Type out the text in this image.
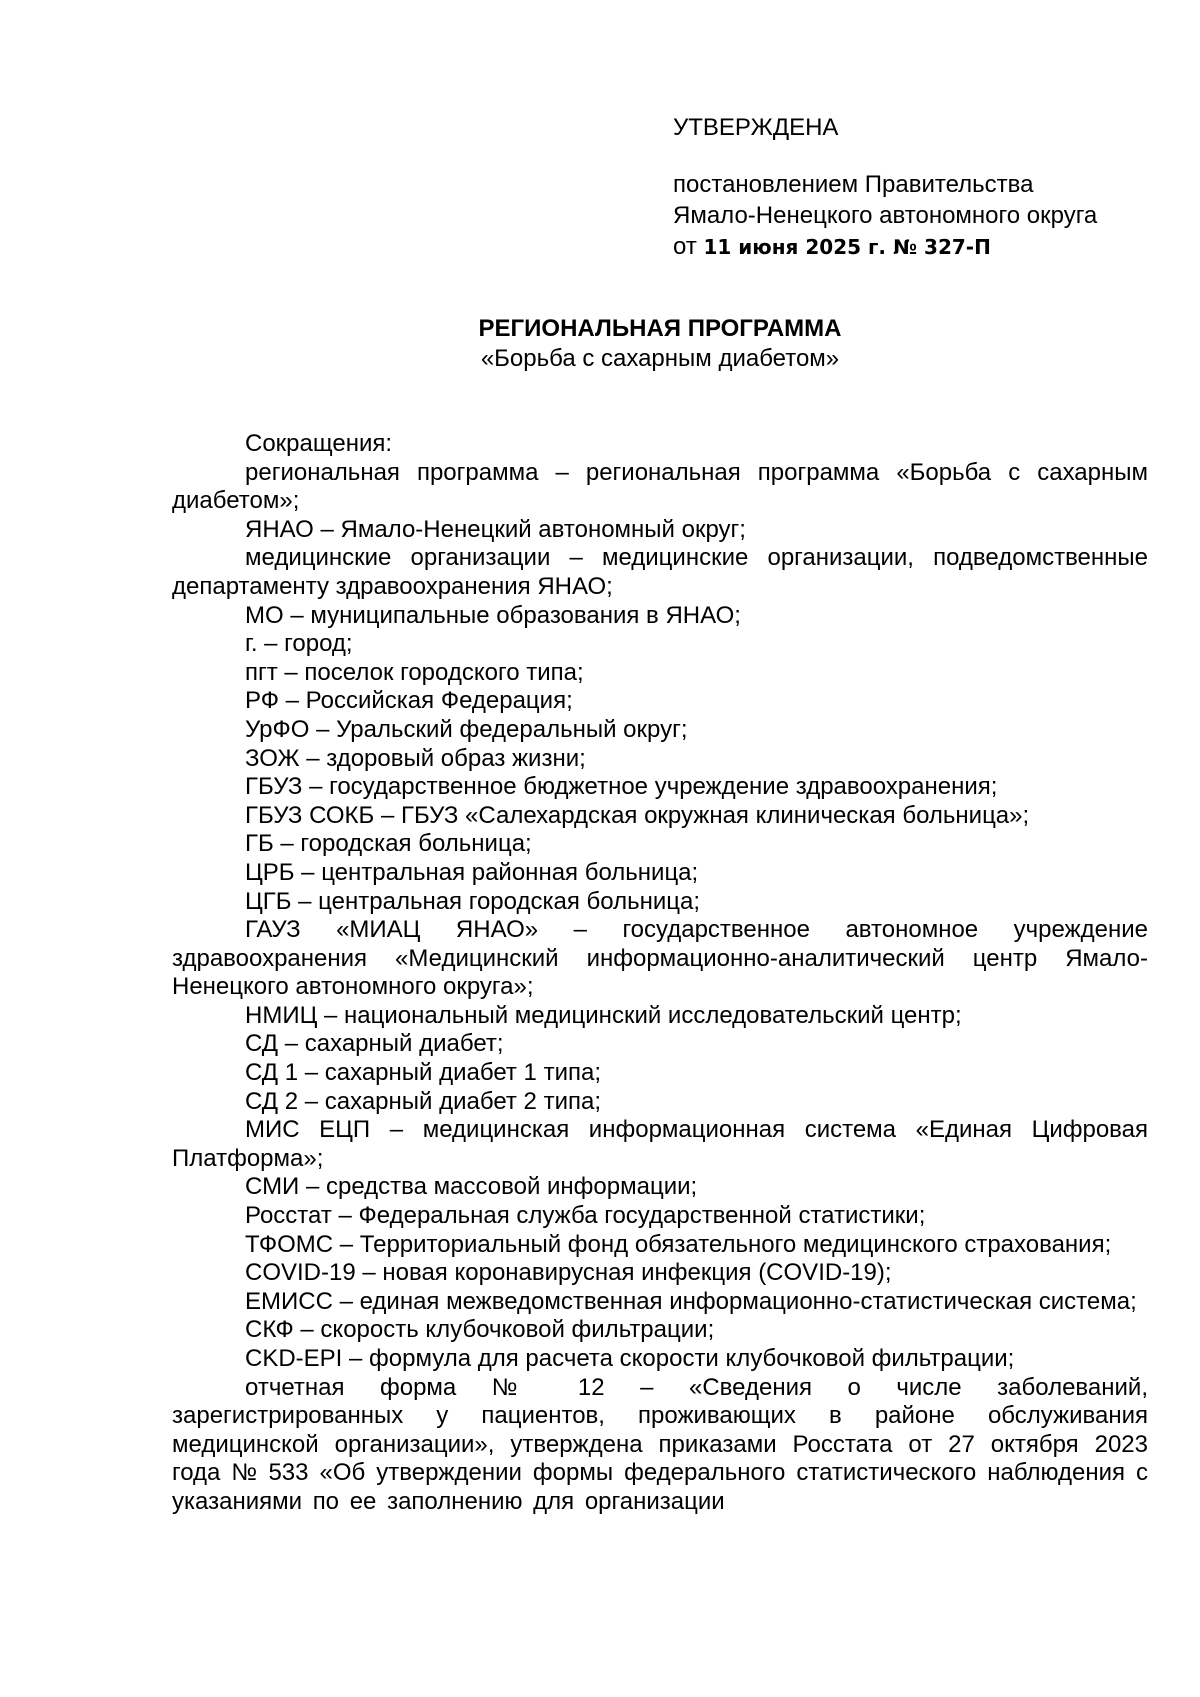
УТВЕРЖДЕНА
постановлением Правительства
Ямало-Ненецкого автономного округа
от 11 июня 2025 г. № 327-П
РЕГИОНАЛЬНАЯ ПРОГРАММА
«Борьба с сахарным диабетом»

Сокращения:

региональная программа – региональная программа «Борьба с сахарным диабетом»;

ЯНАО – Ямало-Ненецкий автономный округ;

медицинские организации – медицинские организации, подведомственные департаменту здравоохранения ЯНАО;

МО – муниципальные образования в ЯНАО;

г. – город;

пгт – поселок городского типа;

РФ – Российская Федерация;

УрФО – Уральский федеральный округ;

ЗОЖ – здоровый образ жизни;

ГБУЗ – государственное бюджетное учреждение здравоохранения;

ГБУЗ СОКБ – ГБУЗ «Салехардская окружная клиническая больница»;

ГБ – городская больница;

ЦРБ – центральная районная больница;

ЦГБ – центральная городская больница;

ГАУЗ «МИАЦ ЯНАО» – государственное автономное учреждение здравоохранения «Медицинский информационно-аналитический центр Ямало-Ненецкого автономного округа»;

НМИЦ – национальный медицинский исследовательский центр;

СД – сахарный диабет;

СД 1 – сахарный диабет 1 типа;

СД 2 – сахарный диабет 2 типа;

МИС ЕЦП – медицинская информационная система «Единая Цифровая Платформа»;

СМИ – средства массовой информации;

Росстат – Федеральная служба государственной статистики;

ТФОМС – Территориальный фонд обязательного медицинского страхования;

COVID-19 – новая коронавирусная инфекция (COVID-19);

ЕМИСС – единая межведомственная информационно-статистическая система;

СКФ – скорость клубочковой фильтрации;

CKD-EPI – формула для расчета скорости клубочковой фильтрации;

отчетная форма № 12 – «Сведения о числе заболеваний, зарегистрированных у пациентов, проживающих в районе обслуживания медицинской организации», утверждена приказами Росстата от 27 октября 2023 года № 533 «Об утверждении формы федерального статистического наблюдения с указаниями по ее заполнению для организации
